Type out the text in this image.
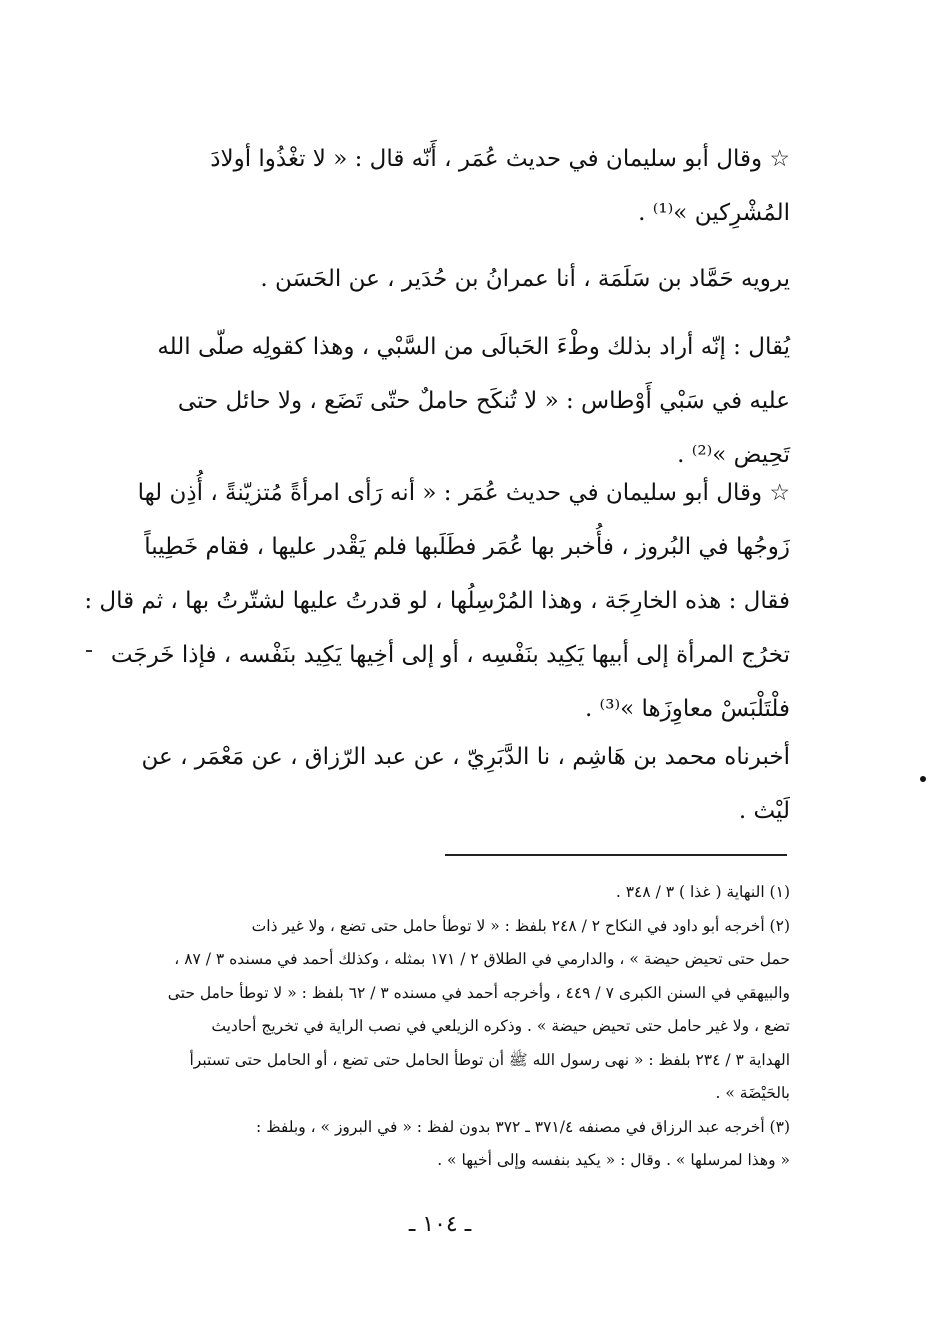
☆ وقال أبو سليمان في حديث عُمَر ، أَنّه قال : « لا تغْذُوا أولادَ
المُشْرِكين »⁽¹⁾ .
يرويه حَمَّاد بن سَلَمَة ، أنا عمرانُ بن حُدَير ، عن الحَسَن .
يُقال : إنّه أراد بذلك وطْءَ الحَبالَى من السَّبْي ، وهذا كقولِه صلّى الله
عليه في سَبْي أَوْطاس : « لا تُنكَح حاملٌ حتّى تَضَع ، ولا حائل حتى
تَحِيض »⁽²⁾ .
☆ وقال أبو سليمان في حديث عُمَر : « أنه رَأى امرأةً مُتزيّنةً ، أُذِن لها
زَوجُها في البُروز ، فأُخبر بها عُمَر فطَلَبها فلم يَقْدر عليها ، فقام خَطِيباً
فقال : هذه الخارِجَة ، وهذا المُرْسِلُها ، لو قدرتُ عليها لشتّرتُ بها ، ثم قال :
تخرُج المرأة إلى أبيها يَكِيد بنَفْسِه ، أو إلى أخِيها يَكِيد بنَفْسه ، فإذا خَرجَت
فلْتَلْبَسْ معاوِزَها »⁽³⁾ .
أخبرناه محمد بن هَاشِم ، نا الدَّبَرِيّ ، عن عبد الرّزاق ، عن مَعْمَر ، عن
لَيْث .
(١) النهاية ( غذا ) ٣ / ٣٤٨ .
(٢) أخرجه أبو داود في النكاح ٢ / ٢٤٨ بلفظ : « لا توطأ حامل حتى تضع ، ولا غير ذات
حمل حتى تحيض حيضة » ، والدارمي في الطلاق ٢ / ١٧١ بمثله ، وكذلك أحمد في مسنده ٣ / ٨٧ ،
والبيهقي في السنن الكبرى ٧ / ٤٤٩ ، وأخرجه أحمد في مسنده ٣ / ٦٢ بلفظ : « لا توطأ حامل حتى
تضع ، ولا غير حامل حتى تحيض حيضة » . وذكره الزيلعي في نصب الراية في تخريج أحاديث
الهداية ٣ / ٢٣٤ بلفظ : « نهى رسول الله ﷺ أن توطأ الحامل حتى تضع ، أو الحامل حتى تستبرأ
بالحَيْضَة » .
(٣) أخرجه عبد الرزاق في مصنفه ٣٧١/٤ ـ ٣٧٢ بدون لفظ : « في البروز » ، وبلفظ :
« وهذا لمرسلها » . وقال : « يكيد بنفسه وإلى أخيها » .
ـ ١٠٤ ـ
